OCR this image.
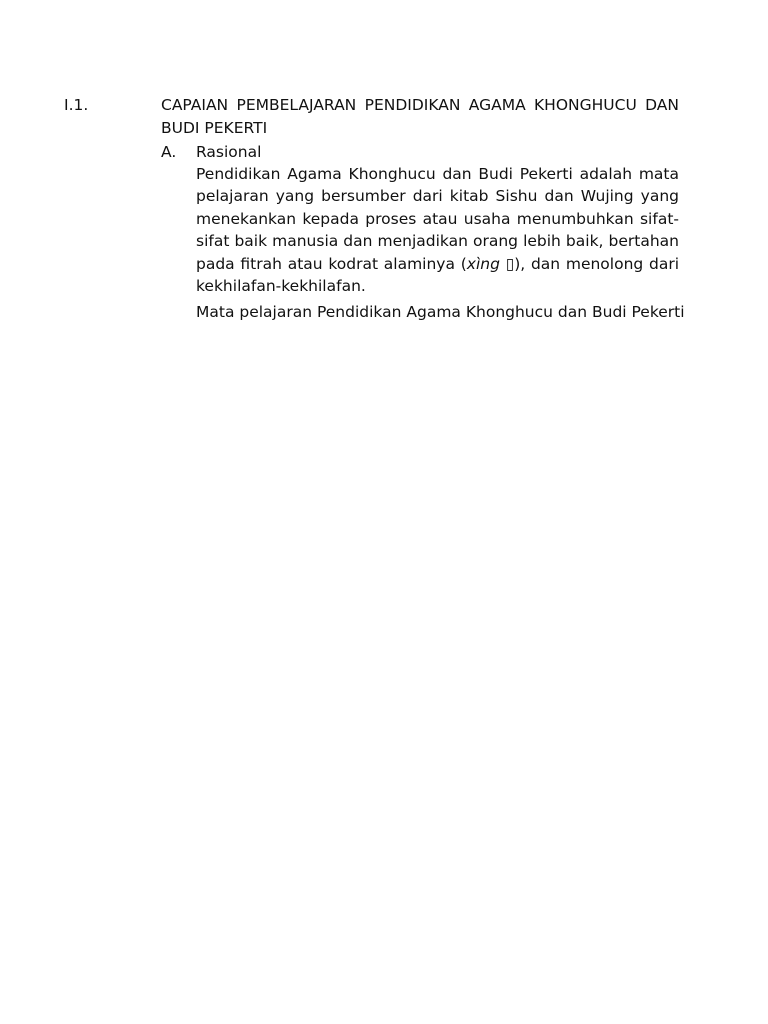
I.1.	CAPAIAN PEMBELAJARAN PENDIDIKAN AGAMA KHONGHUCU DAN BUDI PEKERTI

A. Rasional

Pendidikan Agama Khonghucu dan Budi Pekerti adalah mata pelajaran yang bersumber dari kitab Sishu dan Wujing yang menekankan kepada proses atau usaha menumbuhkan sifat-sifat baik manusia dan menjadikan orang lebih baik, bertahan pada fitrah atau kodrat alaminya (xìng ▯), dan menolong dari kekhilafan-kekhilafan.

Mata pelajaran Pendidikan Agama Khonghucu dan Budi Pekerti
